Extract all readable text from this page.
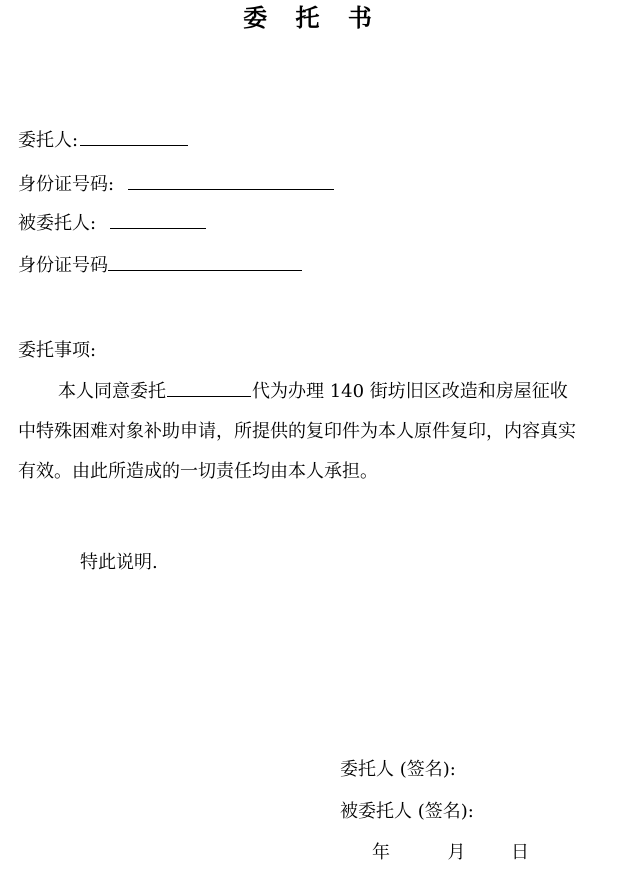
委 托 书
委托人:
身份证号码:
被委托人:
身份证号码
委托事项:
本人同意委托	代为办理 140 街坊旧区改造和房屋征收中特殊困难对象补助申请，所提供的复印件为本人原件复印，内容真实有效。由此所造成的一切责任均由本人承担。
特此说明.
委托人 (签名):
被委托人 (签名):
年	月	日
